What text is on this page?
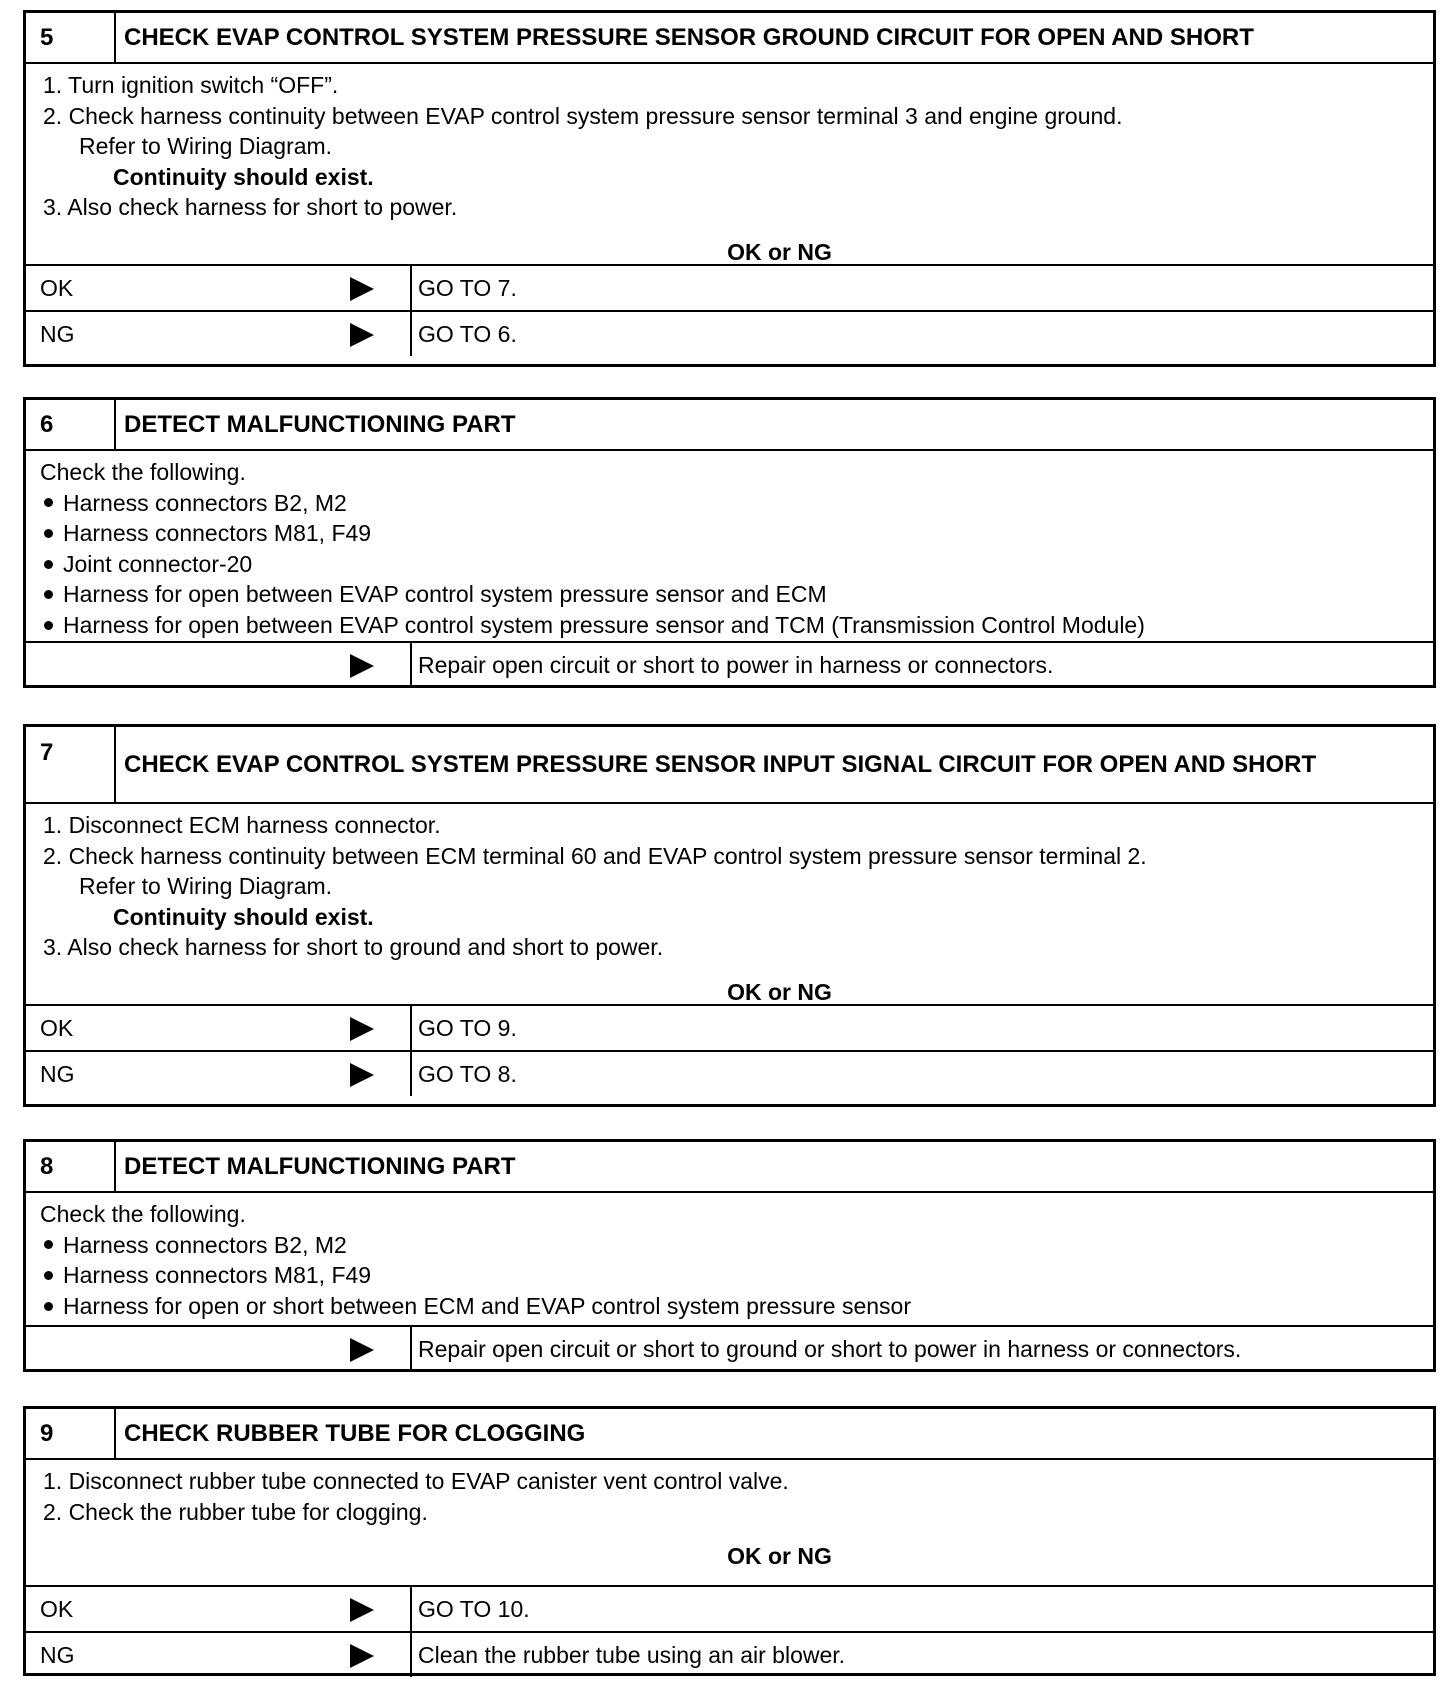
5	CHECK EVAP CONTROL SYSTEM PRESSURE SENSOR GROUND CIRCUIT FOR OPEN AND SHORT
1. Turn ignition switch “OFF”.
2. Check harness continuity between EVAP control system pressure sensor terminal 3 and engine ground.
Refer to Wiring Diagram.
Continuity should exist.
3. Also check harness for short to power.
OK or NG
OK	GO TO 7.
NG	GO TO 6.
6	DETECT MALFUNCTIONING PART
Check the following.
Harness connectors B2, M2
Harness connectors M81, F49
Joint connector-20
Harness for open between EVAP control system pressure sensor and ECM
Harness for open between EVAP control system pressure sensor and TCM (Transmission Control Module)
Repair open circuit or short to power in harness or connectors.
7	CHECK EVAP CONTROL SYSTEM PRESSURE SENSOR INPUT SIGNAL CIRCUIT FOR OPEN AND SHORT
1. Disconnect ECM harness connector.
2. Check harness continuity between ECM terminal 60 and EVAP control system pressure sensor terminal 2.
Refer to Wiring Diagram.
Continuity should exist.
3. Also check harness for short to ground and short to power.
OK or NG
OK	GO TO 9.
NG	GO TO 8.
8	DETECT MALFUNCTIONING PART
Check the following.
Harness connectors B2, M2
Harness connectors M81, F49
Harness for open or short between ECM and EVAP control system pressure sensor
Repair open circuit or short to ground or short to power in harness or connectors.
9	CHECK RUBBER TUBE FOR CLOGGING
1. Disconnect rubber tube connected to EVAP canister vent control valve.
2. Check the rubber tube for clogging.
OK or NG
OK	GO TO 10.
NG	Clean the rubber tube using an air blower.
